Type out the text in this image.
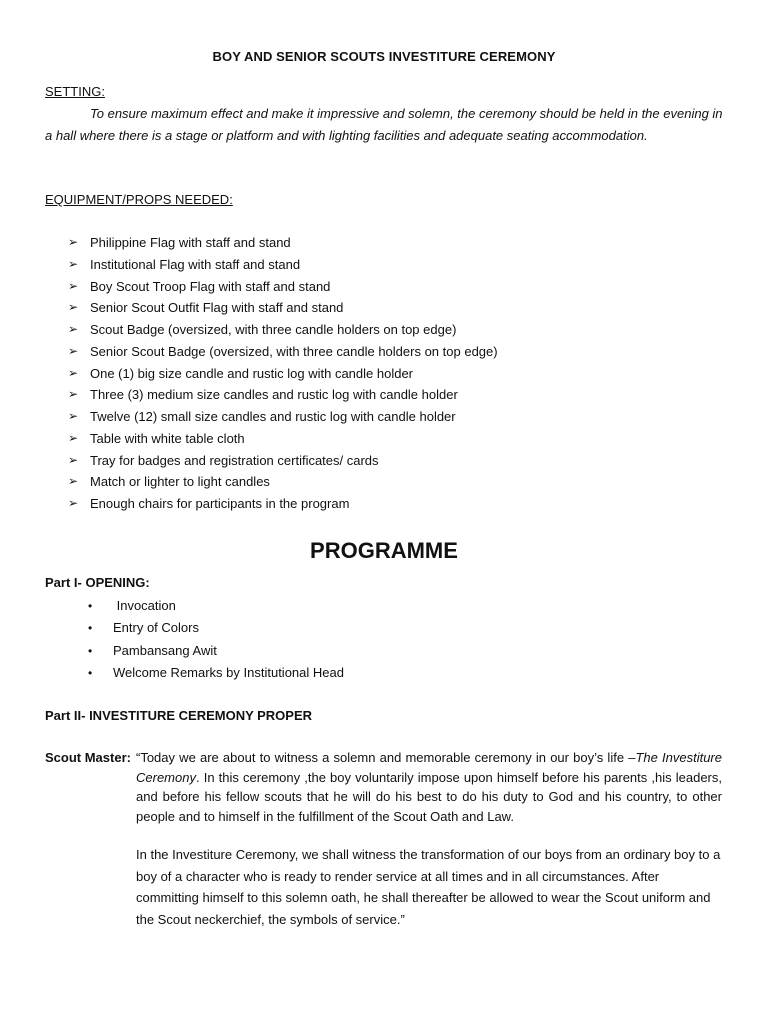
BOY AND SENIOR SCOUTS INVESTITURE CEREMONY
SETTING:
To ensure maximum effect and make it impressive and solemn, the ceremony should be held in the evening in a hall where there is a stage or platform and with lighting facilities and adequate seating accommodation.
EQUIPMENT/PROPS NEEDED:
➢ Philippine Flag with staff and stand
➢ Institutional Flag with staff and stand
➢ Boy Scout Troop Flag with staff and stand
➢ Senior Scout Outfit Flag with staff and stand
➢ Scout Badge (oversized, with three candle holders on top edge)
➢ Senior Scout Badge (oversized, with three candle holders on top edge)
➢ One (1) big size candle and rustic log with candle holder
➢ Three (3) medium size candles and rustic log with candle holder
➢ Twelve (12) small size candles and rustic log with candle holder
➢ Table with white table cloth
➢ Tray for badges and registration certificates/ cards
➢ Match or lighter to light candles
➢ Enough chairs for participants in the program
PROGRAMME
Part I- OPENING:
•	Invocation
•	Entry of Colors
•	Pambansang Awit
•	Welcome Remarks by Institutional Head
Part II- INVESTITURE CEREMONY PROPER
Scout Master: “Today we are about to witness a solemn and memorable ceremony in our boy’s life –The Investiture Ceremony. In this ceremony ,the boy voluntarily impose upon himself before his parents ,his leaders, and before his fellow scouts that he will do his best to do his duty to God and his country, to other people and to himself in the fulfillment of the Scout Oath and Law.

In the Investiture Ceremony, we shall witness the transformation of our boys from an ordinary boy to a boy of a character who is ready to render service at all times and in all circumstances. After committing himself to this solemn oath, he shall thereafter be allowed to wear the Scout uniform and the Scout neckerchief, the symbols of service.”
